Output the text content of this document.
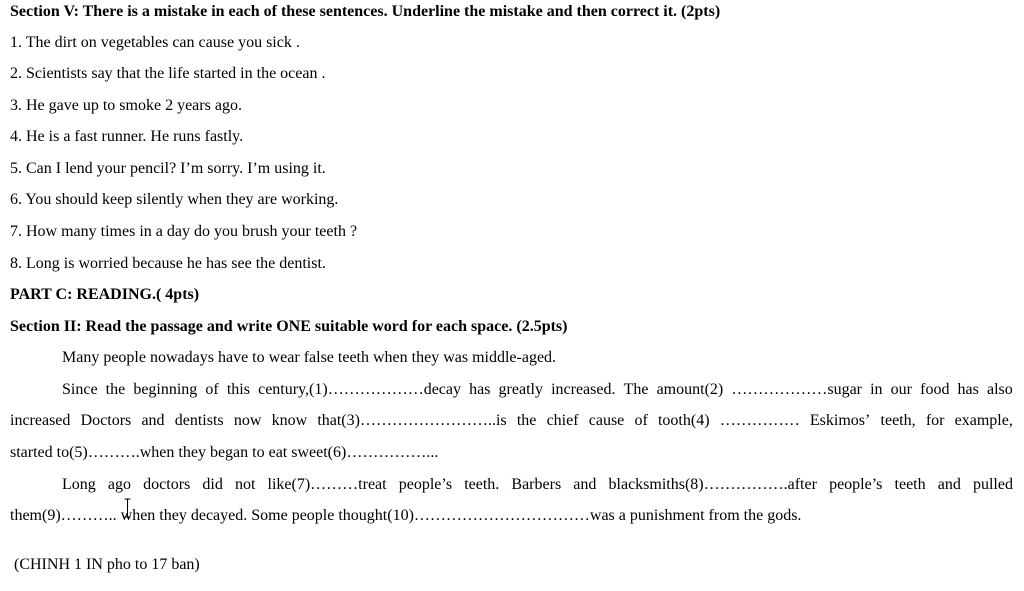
Section V: There is a mistake in each of these sentences. Underline the mistake and then correct it. (2pts)
1. The dirt on vegetables can cause you sick .
2. Scientists say that the life started in the ocean .
3. He gave up to smoke 2 years ago.
4. He is a fast runner. He runs fastly.
5. Can I lend your pencil? I’m sorry. I’m using it.
6. You should keep silently when they are working.
7. How many times in a day do you brush your teeth ?
8. Long is worried because he has see the dentist.
PART C: READING.( 4pts)
Section II: Read the passage and write ONE suitable word for each space. (2.5pts)
Many people nowadays have to wear false teeth when they was middle-aged.
Since the beginning of this century,(1)………………decay has greatly increased. The amount(2) ………………sugar in our food has also
increased Doctors and dentists now know that(3)……………………..is the chief cause of tooth(4) …………… Eskimos’ teeth, for example,
started to(5)……….when they began to eat sweet(6)……………...
Long ago doctors did not like(7)………treat people’s teeth. Barbers and blacksmiths(8)…………….after people’s teeth and pulled
them(9)……….. when they decayed. Some people thought(10)……………………………was a punishment from the gods.
(CHINH 1 IN pho to 17 ban)
